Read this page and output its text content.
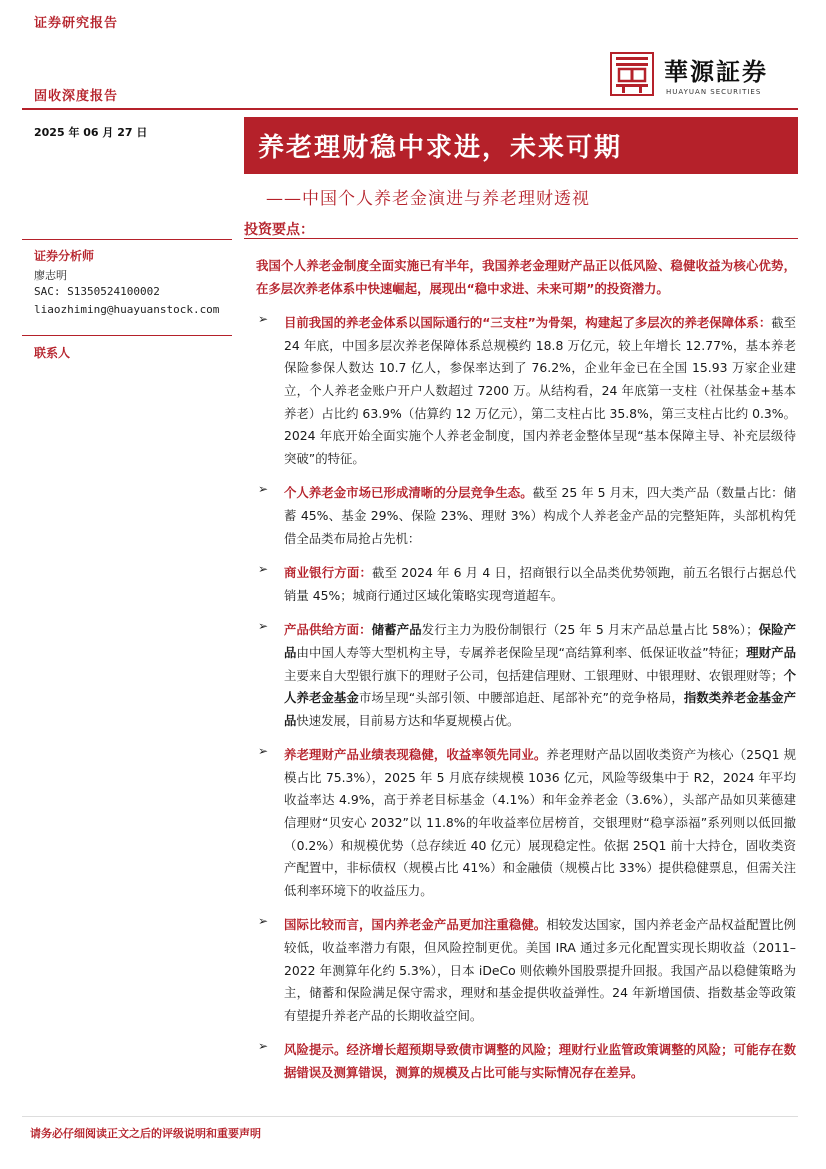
证券研究报告
華源証券
HUAYUAN SECURITIES
固收深度报告
2025 年 06 月 27 日
养老理财稳中求进，未来可期
——中国个人养老金演进与养老理财透视
投资要点：
证券分析师
廖志明
SAC: S1350524100002
liaozhiming@huayuanstock.com
联系人

我国个人养老金制度全面实施已有半年，我国养老金理财产品正以低风险、稳健收益为核心优势，在多层次养老体系中快速崛起，展现出“稳中求进、未来可期”的投资潜力。

➢ 目前我国的养老金体系以国际通行的“三支柱”为骨架，构建起了多层次的养老保障体系：截至 24 年底，中国多层次养老保障体系总规模约 18.8 万亿元，较上年增长 12.77%，基本养老保险参保人数达 10.7 亿人，参保率达到了 76.2%，企业年金已在全国 15.93 万家企业建立，个人养老金账户开户人数超过 7200 万。从结构看，24 年底第一支柱（社保基金+基本养老）占比约 63.9%（估算约 12 万亿元），第二支柱占比 35.8%，第三支柱占比约 0.3%。2024 年底开始全面实施个人养老金制度，国内养老金整体呈现“基本保障主导、补充层级待突破”的特征。

➢ 个人养老金市场已形成清晰的分层竞争生态。截至 25 年 5 月末，四大类产品（数量占比：储蓄 45%、基金 29%、保险 23%、理财 3%）构成个人养老金产品的完整矩阵，头部机构凭借全品类布局抢占先机：

➢ 商业银行方面：截至 2024 年 6 月 4 日，招商银行以全品类优势领跑，前五名银行占据总代销量 45%；城商行通过区域化策略实现弯道超车。

➢ 产品供给方面：储蓄产品发行主力为股份制银行（25 年 5 月末产品总量占比 58%）；保险产品由中国人寿等大型机构主导，专属养老保险呈现“高结算利率、低保证收益”特征；理财产品主要来自大型银行旗下的理财子公司，包括建信理财、工银理财、中银理财、农银理财等；个人养老金基金市场呈现“头部引领、中腰部追赶、尾部补充”的竞争格局，指数类养老金基金产品快速发展，目前易方达和华夏规模占优。

➢ 养老理财产品业绩表现稳健，收益率领先同业。养老理财产品以固收类资产为核心（25Q1 规模占比 75.3%），2025 年 5 月底存续规模 1036 亿元，风险等级集中于 R2，2024 年平均收益率达 4.9%，高于养老目标基金（4.1%）和年金养老金（3.6%），头部产品如贝莱德建信理财“贝安心 2032”以 11.8%的年收益率位居榜首，交银理财“稳享添福”系列则以低回撤（0.2%）和规模优势（总存续近 40 亿元）展现稳定性。依据 25Q1 前十大持仓，固收类资产配置中，非标债权（规模占比 41%）和金融债（规模占比 33%）提供稳健票息，但需关注低利率环境下的收益压力。

➢ 国际比较而言，国内养老金产品更加注重稳健。相较发达国家，国内养老金产品权益配置比例较低，收益率潜力有限，但风险控制更优。美国 IRA 通过多元化配置实现长期收益（2011–2022 年测算年化约 5.3%），日本 iDeCo 则依赖外国股票提升回报。我国产品以稳健策略为主，储蓄和保险满足保守需求，理财和基金提供收益弹性。24 年新增国债、指数基金等政策有望提升养老产品的长期收益空间。

➢ 风险提示。经济增长超预期导致债市调整的风险；理财行业监管政策调整的风险；可能存在数据错误及测算错误，测算的规模及占比可能与实际情况存在差异。

请务必仔细阅读正文之后的评级说明和重要声明
